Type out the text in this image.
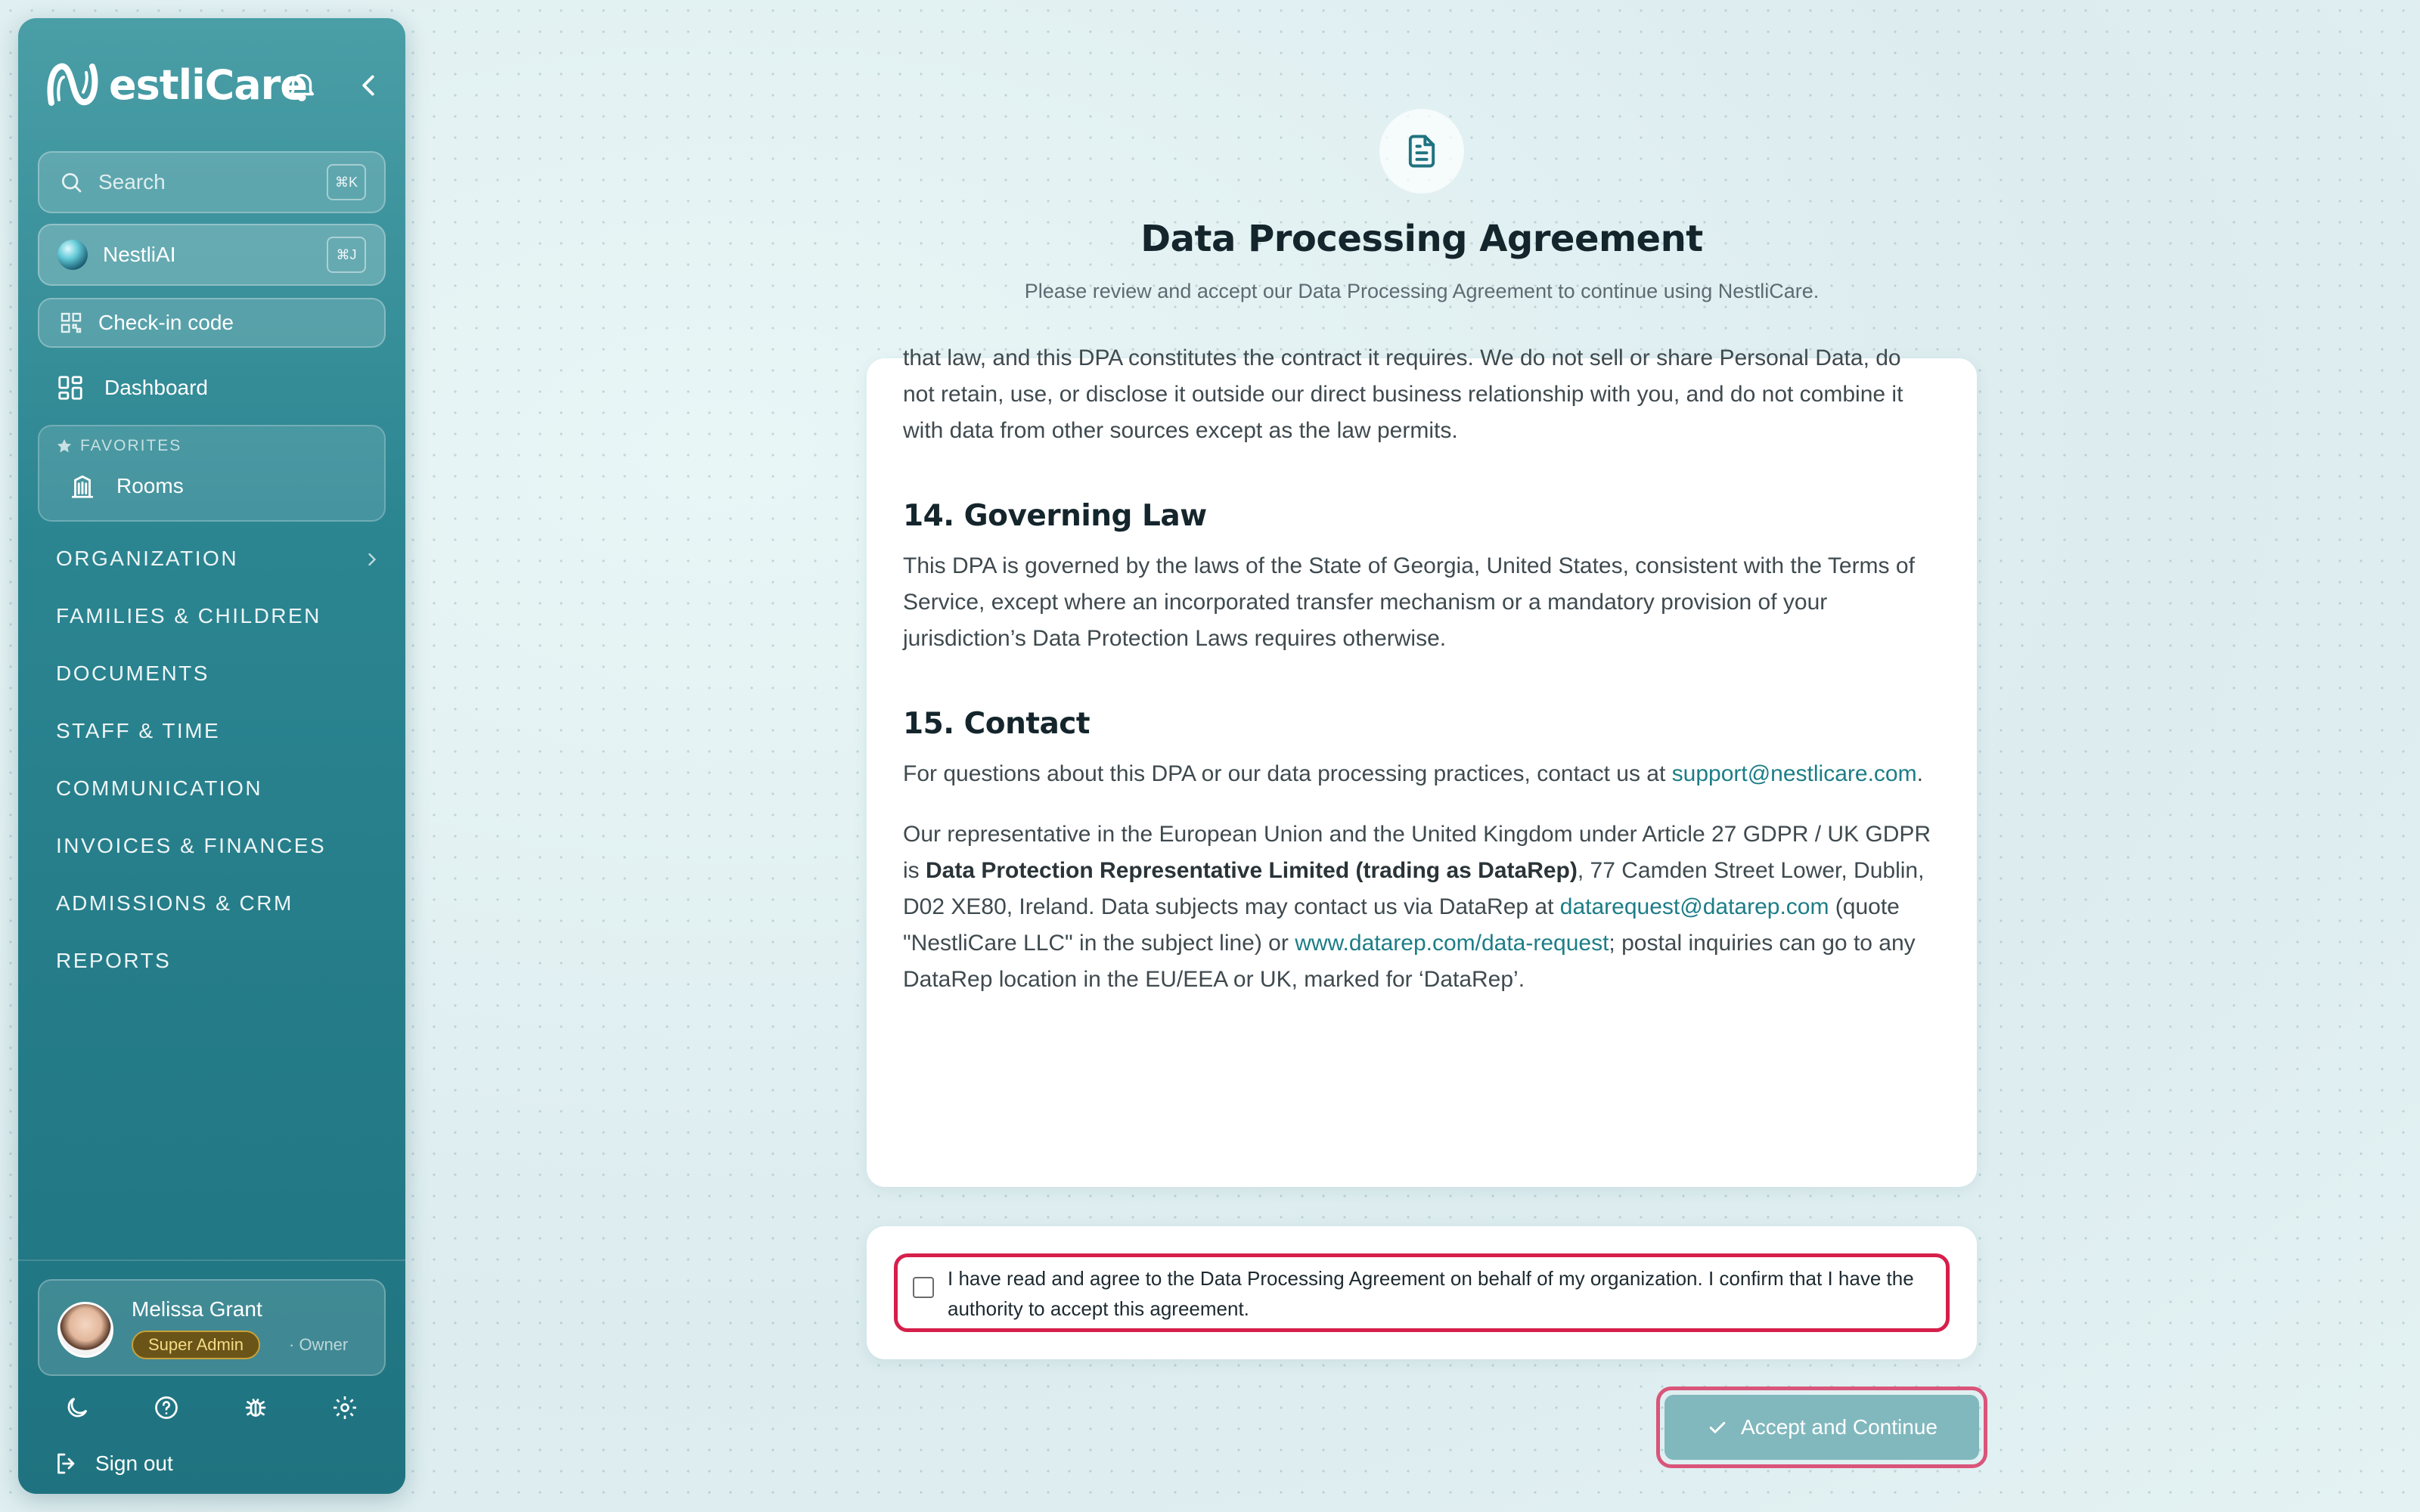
estliCare
Search	⌘K
NestliAI	⌘J
Check-in code
Dashboard
FAVORITES
Rooms
ORGANIZATION
FAMILIES & CHILDREN
DOCUMENTS
STAFF & TIME
COMMUNICATION
INVOICES & FINANCES
ADMISSIONS & CRM
REPORTS
Melissa Grant
Super Admin	· Owner
Sign out
Data Processing Agreement

Please review and accept our Data Processing Agreement to continue using NestliCare.

that law, and this DPA constitutes the contract it requires. We do not sell or share Personal Data, do not retain, use, or disclose it outside our direct business relationship with you, and do not combine it with data from other sources except as the law permits.

14. Governing Law

This DPA is governed by the laws of the State of Georgia, United States, consistent with the Terms of Service, except where an incorporated transfer mechanism or a mandatory provision of your jurisdiction’s Data Protection Laws requires otherwise.

15. Contact

For questions about this DPA or our data processing practices, contact us at support@nestlicare.com.

Our representative in the European Union and the United Kingdom under Article 27 GDPR / UK GDPR is Data Protection Representative Limited (trading as DataRep), 77 Camden Street Lower, Dublin, D02 XE80, Ireland. Data subjects may contact us via DataRep at datarequest@datarep.com (quote "NestliCare LLC" in the subject line) or www.datarep.com/data-request; postal inquiries can go to any DataRep location in the EU/EEA or UK, marked for ‘DataRep’.

I have read and agree to the Data Processing Agreement on behalf of my organization. I confirm that I have the authority to accept this agreement.

Accept and Continue
